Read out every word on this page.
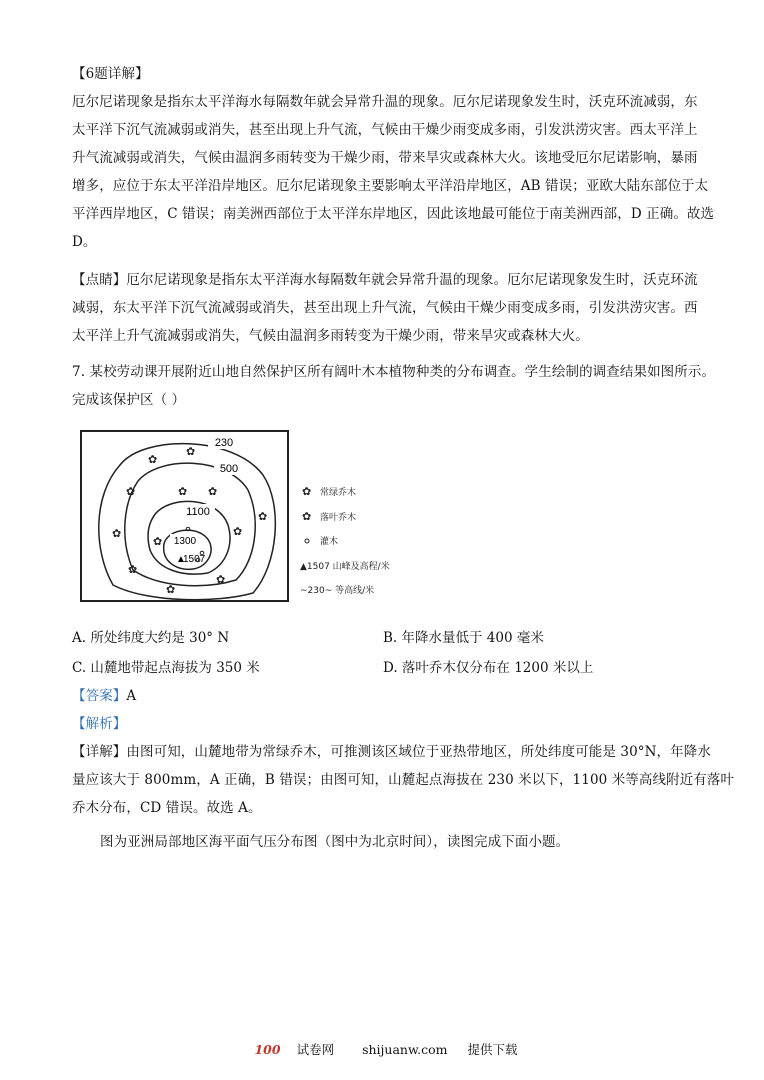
【6题详解】
厄尔尼诺现象是指东太平洋海水每隔数年就会异常升温的现象。厄尔尼诺现象发生时，沃克环流减弱，东
太平洋下沉气流减弱或消失，甚至出现上升气流，气候由干燥少雨变成多雨，引发洪涝灾害。西太平洋上
升气流减弱或消失，气候由温润多雨转变为干燥少雨，带来旱灾或森林大火。该地受厄尔尼诺影响，暴雨
增多，应位于东太平洋沿岸地区。厄尔尼诺现象主要影响太平洋沿岸地区，AB 错误；亚欧大陆东部位于太
平洋西岸地区，C 错误；南美洲西部位于太平洋东岸地区，因此该地最可能位于南美洲西部，D 正确。故选
D。
【点睛】厄尔尼诺现象是指东太平洋海水每隔数年就会异常升温的现象。厄尔尼诺现象发生时，沃克环流
减弱，东太平洋下沉气流减弱或消失，甚至出现上升气流，气候由干燥少雨变成多雨，引发洪涝灾害。西
太平洋上升气流减弱或消失，气候由温润多雨转变为干燥少雨，带来旱灾或森林大火。
7. 某校劳动课开展附近山地自然保护区所有阔叶木本植物种类的分布调查。学生绘制的调查结果如图所示。
完成该保护区（ ）
230
500
1100
1300
▲
1507
✿
✿
✿
✿
✿
✿
✿
✿
✿ ✿
✿
✿
✿ 常绿乔木
✿ 落叶乔木
灌木
▲1507 山峰及高程/米
~230~ 等高线/米
A. 所处纬度大约是 30° N	B. 年降水量低于 400 毫米
C. 山麓地带起点海拔为 350 米	D. 落叶乔木仅分布在 1200 米以上
【答案】A
【解析】
【详解】由图可知，山麓地带为常绿乔木，可推测该区域位于亚热带地区，所处纬度可能是 30°N，年降水
量应该大于 800mm，A 正确，B 错误；由图可知，山麓起点海拔在 230 米以下，1100 米等高线附近有落叶
乔木分布，CD 错误。故选 A。
图为亚洲局部地区海平面气压分布图（图中为北京时间），读图完成下面小题。
100 试卷网 shijuanw.com 提供下载
